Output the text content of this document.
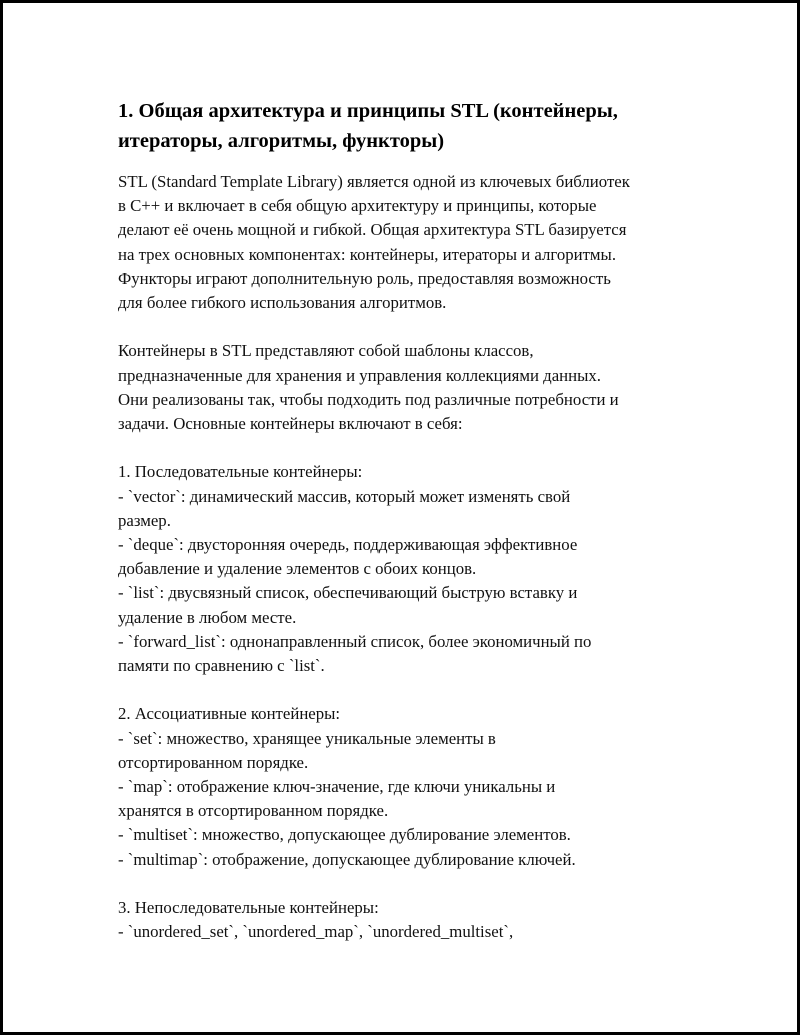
1. Общая архитектура и принципы STL (контейнеры, итераторы, алгоритмы, функторы)

STL (Standard Template Library) является одной из ключевых библиотек
в C++ и включает в себя общую архитектуру и принципы, которые
делают её очень мощной и гибкой. Общая архитектура STL базируется
на трех основных компонентах: контейнеры, итераторы и алгоритмы.
Функторы играют дополнительную роль, предоставляя возможность
для более гибкого использования алгоритмов.

Контейнеры в STL представляют собой шаблоны классов,
предназначенные для хранения и управления коллекциями данных.
Они реализованы так, чтобы подходить под различные потребности и
задачи. Основные контейнеры включают в себя:

1. Последовательные контейнеры:
- `vector`: динамический массив, который может изменять свой
размер.
- `deque`: двусторонняя очередь, поддерживающая эффективное
добавление и удаление элементов с обоих концов.
- `list`: двусвязный список, обеспечивающий быструю вставку и
удаление в любом месте.
- `forward_list`: однонаправленный список, более экономичный по
памяти по сравнению с `list`.

2. Ассоциативные контейнеры:
- `set`: множество, хранящее уникальные элементы в
отсортированном порядке.
- `map`: отображение ключ-значение, где ключи уникальны и
хранятся в отсортированном порядке.
- `multiset`: множество, допускающее дублирование элементов.
- `multimap`: отображение, допускающее дублирование ключей.

3. Непоследовательные контейнеры:
- `unordered_set`, `unordered_map`, `unordered_multiset`,
